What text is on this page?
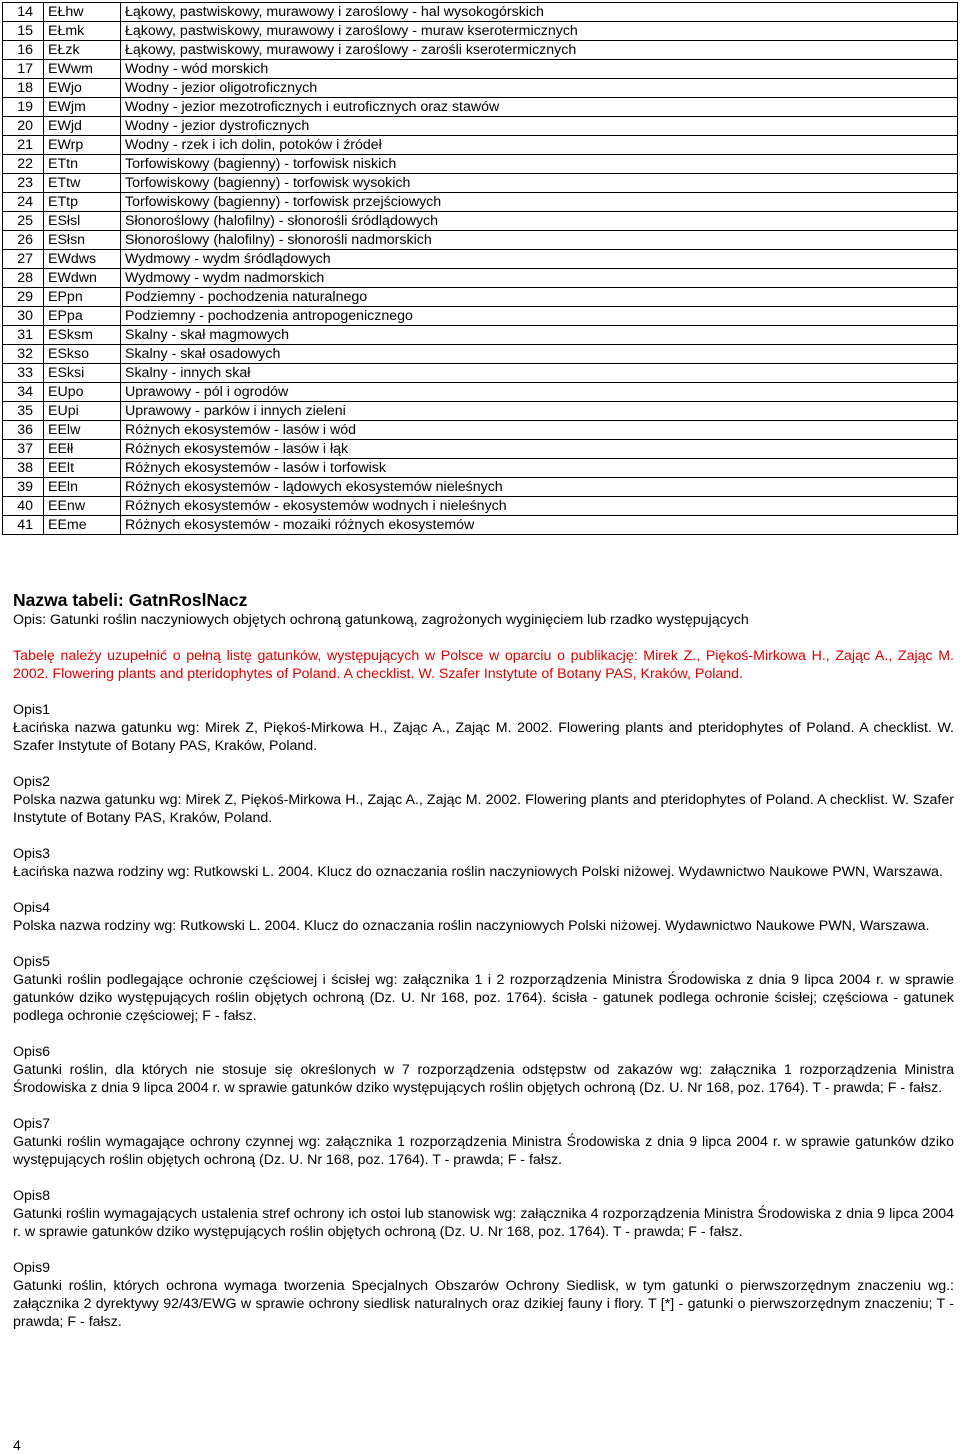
14	EŁhw	Łąkowy, pastwiskowy, murawowy i zaroślowy - hal wysokogórskich
15	EŁmk	Łąkowy, pastwiskowy, murawowy i zaroślowy - muraw kserotermicznych
16	EŁzk	Łąkowy, pastwiskowy, murawowy i zaroślowy - zarośli kserotermicznych
17	EWwm	Wodny - wód morskich
18	EWjo	Wodny - jezior oligotroficznych
19	EWjm	Wodny - jezior mezotroficznych i eutroficznych oraz stawów
20	EWjd	Wodny - jezior dystroficznych
21	EWrp	Wodny - rzek i ich dolin, potoków i źródeł
22	ETtn	Torfowiskowy (bagienny) - torfowisk niskich
23	ETtw	Torfowiskowy (bagienny) - torfowisk wysokich
24	ETtp	Torfowiskowy (bagienny) - torfowisk przejściowych
25	ESłsl	Słonoroślowy (halofilny) - słonorośli śródlądowych
26	ESłsn	Słonoroślowy (halofilny) - słonorośli nadmorskich
27	EWdws	Wydmowy - wydm śródlądowych
28	EWdwn	Wydmowy - wydm nadmorskich
29	EPpn	Podziemny - pochodzenia naturalnego
30	EPpa	Podziemny - pochodzenia antropogenicznego
31	ESksm	Skalny - skał magmowych
32	ESkso	Skalny - skał osadowych
33	ESksi	Skalny - innych skał
34	EUpo	Uprawowy - pól i ogrodów
35	EUpi	Uprawowy - parków i innych zieleni
36	EElw	Różnych ekosystemów - lasów i wód
37	EEłł	Różnych ekosystemów - lasów i łąk
38	EElt	Różnych ekosystemów - lasów i torfowisk
39	EEln	Różnych ekosystemów - lądowych ekosystemów nieleśnych
40	EEnw	Różnych ekosystemów - ekosystemów wodnych i nieleśnych
41	EEme	Różnych ekosystemów - mozaiki różnych ekosystemów
Nazwa tabeli: GatnRoslNacz
Opis: Gatunki roślin naczyniowych objętych ochroną gatunkową, zagrożonych wyginięciem lub rzadko występujących
Tabelę należy uzupełnić o pełną listę gatunków, występujących w Polsce w oparciu o publikację: Mirek Z., Piękoś-Mirkowa H., Zając A., Zając M. 2002. Flowering plants and pteridophytes of Poland. A checklist. W. Szafer Instytute of Botany PAS, Kraków, Poland.
Opis1
Łacińska nazwa gatunku wg: Mirek Z, Piękoś-Mirkowa H., Zając A., Zając M. 2002. Flowering plants and pteridophytes of Poland. A checklist. W. Szafer Instytute of Botany PAS, Kraków, Poland.
Opis2
Polska nazwa gatunku wg: Mirek Z, Piękoś-Mirkowa H., Zając A., Zając M. 2002. Flowering plants and pteridophytes of Poland. A checklist. W. Szafer Instytute of Botany PAS, Kraków, Poland.
Opis3
Łacińska nazwa rodziny wg: Rutkowski L. 2004. Klucz do oznaczania roślin naczyniowych Polski niżowej. Wydawnictwo Naukowe PWN, Warszawa.
Opis4
Polska nazwa rodziny wg: Rutkowski L. 2004. Klucz do oznaczania roślin naczyniowych Polski niżowej. Wydawnictwo Naukowe PWN, Warszawa.
Opis5
Gatunki roślin podlegające ochronie częściowej i ścisłej wg: załącznika 1 i 2 rozporządzenia Ministra Środowiska z dnia 9 lipca 2004 r. w sprawie gatunków dziko występujących roślin objętych ochroną (Dz. U. Nr 168, poz. 1764). ścisła - gatunek podlega ochronie ścisłej; częściowa - gatunek podlega ochronie częściowej; F - fałsz.
Opis6
Gatunki roślin, dla których nie stosuje się określonych w 7 rozporządzenia odstępstw od zakazów wg: załącznika 1 rozporządzenia Ministra Środowiska z dnia 9 lipca 2004 r. w sprawie gatunków dziko występujących roślin objętych ochroną (Dz. U. Nr 168, poz. 1764). T - prawda; F - fałsz.
Opis7
Gatunki roślin wymagające ochrony czynnej wg: załącznika 1 rozporządzenia Ministra Środowiska z dnia 9 lipca 2004 r. w sprawie gatunków dziko występujących roślin objętych ochroną (Dz. U. Nr 168, poz. 1764). T - prawda; F - fałsz.
Opis8
Gatunki roślin wymagających ustalenia stref ochrony ich ostoi lub stanowisk wg: załącznika 4 rozporządzenia Ministra Środowiska z dnia 9 lipca 2004 r. w sprawie gatunków dziko występujących roślin objętych ochroną (Dz. U. Nr 168, poz. 1764). T - prawda; F - fałsz.
Opis9
Gatunki roślin, których ochrona wymaga tworzenia Specjalnych Obszarów Ochrony Siedlisk, w tym gatunki o pierwszorzędnym znaczeniu wg.: załącznika 2 dyrektywy 92/43/EWG w sprawie ochrony siedlisk naturalnych oraz dzikiej fauny i flory. T [*] - gatunki o pierwszorzędnym znaczeniu; T - prawda; F - fałsz.
4
